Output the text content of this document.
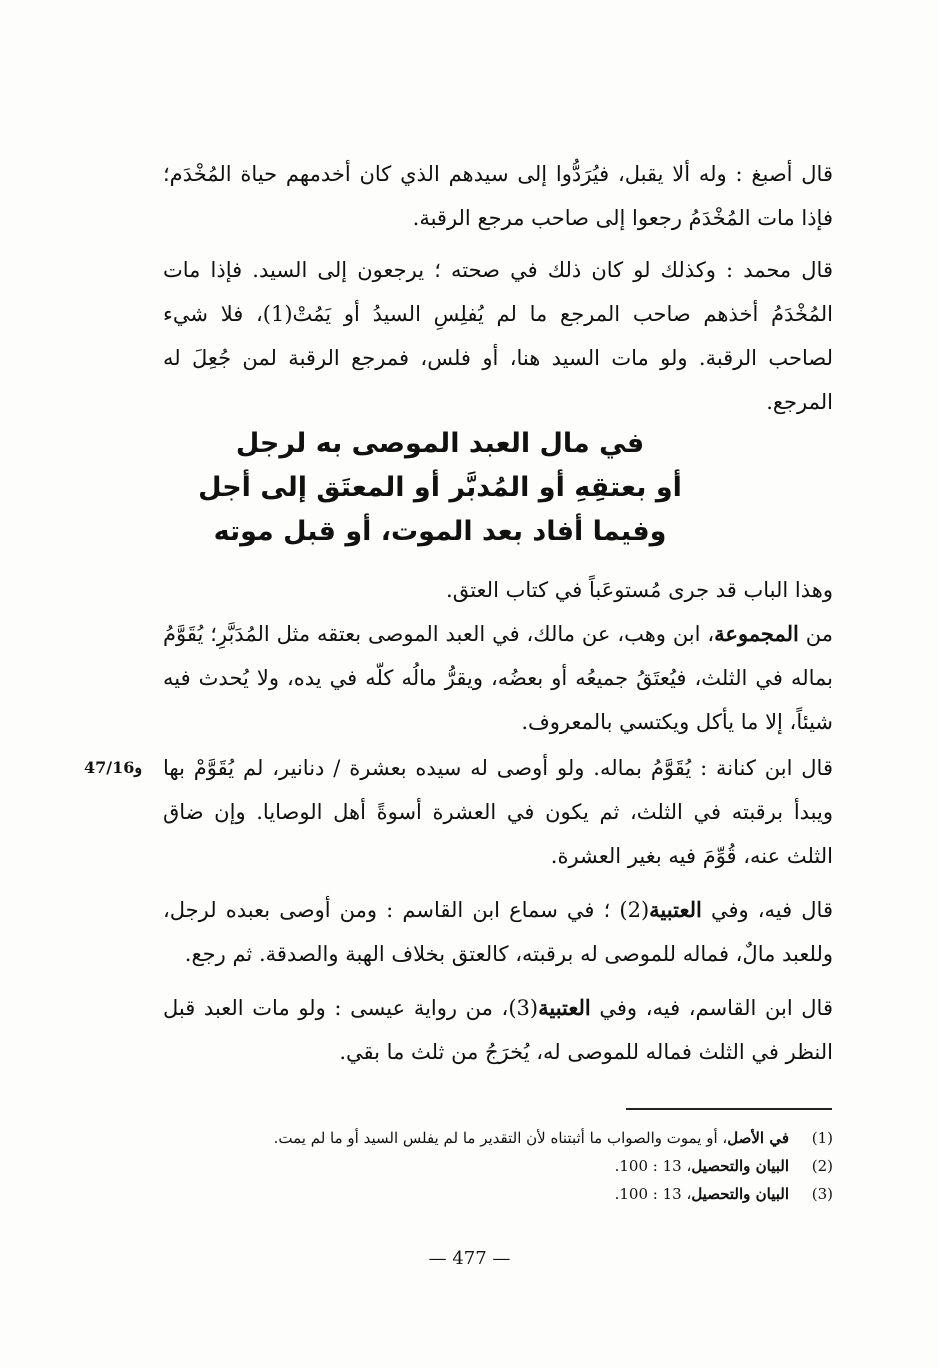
قال أصبغ : وله ألا يقبل، فيُرَدُّوا إلى سيدهم الذي كان أخدمهم حياة المُخْدَم؛ فإذا مات المُخْدَمُ رجعوا إلى صاحب مرجع الرقبة.

قال محمد : وكذلك لو كان ذلك في صحته ؛ يرجعون إلى السيد. فإذا مات المُخْدَمُ أخذهم صاحب المرجع ما لم يُفلِسِ السيدُ أو يَمُتْ(1)، فلا شيء لصاحب الرقبة. ولو مات السيد هنا، أو فلس، فمرجع الرقبة لمن جُعِلَ له المرجع.

في مال العبد الموصى به لرجل
أو بعتقِهِ أو المُدبَّر أو المعتَق إلى أجل
وفيما أفاد بعد الموت، أو قبل موته

وهذا الباب قد جرى مُستوعَباً في كتاب العتق.

من المجموعة، ابن وهب، عن مالك، في العبد الموصى بعتقه مثل المُدَبَّرِ؛ يُقَوَّمُ بماله في الثلث، فيُعتَقُ جميعُه أو بعضُه، ويقرُّ مالُه كلّه في يده، ولا يُحدث فيه شيئاً، إلا ما يأكل ويكتسي بالمعروف.

47/16و قال ابن كنانة : يُقَوَّمُ بماله. ولو أوصى له سيده بعشرة / دنانير، لم يُقَوَّمْ بها ويبدأ برقبته في الثلث، ثم يكون في العشرة أسوةً أهل الوصايا. وإن ضاق الثلث عنه، قُوِّمَ فيه بغير العشرة.

قال فيه، وفي العتبية(2) ؛ في سماع ابن القاسم : ومن أوصى بعبده لرجل، وللعبد مالٌ، فماله للموصى له برقبته، كالعتق بخلاف الهبة والصدقة. ثم رجع.

قال ابن القاسم، فيه، وفي العتبية(3)، من رواية عيسى : ولو مات العبد قبل النظر في الثلث فماله للموصى له، يُخرَجُ من ثلث ما بقي.

(1)
في الأصل، أو يموت والصواب ما أثبتناه لأن التقدير ما لم يفلس السيد أو ما لم يمت.
(2)
البيان والتحصيل، 13 : 100.
(3)
البيان والتحصيل، 13 : 100.
— 477 —
